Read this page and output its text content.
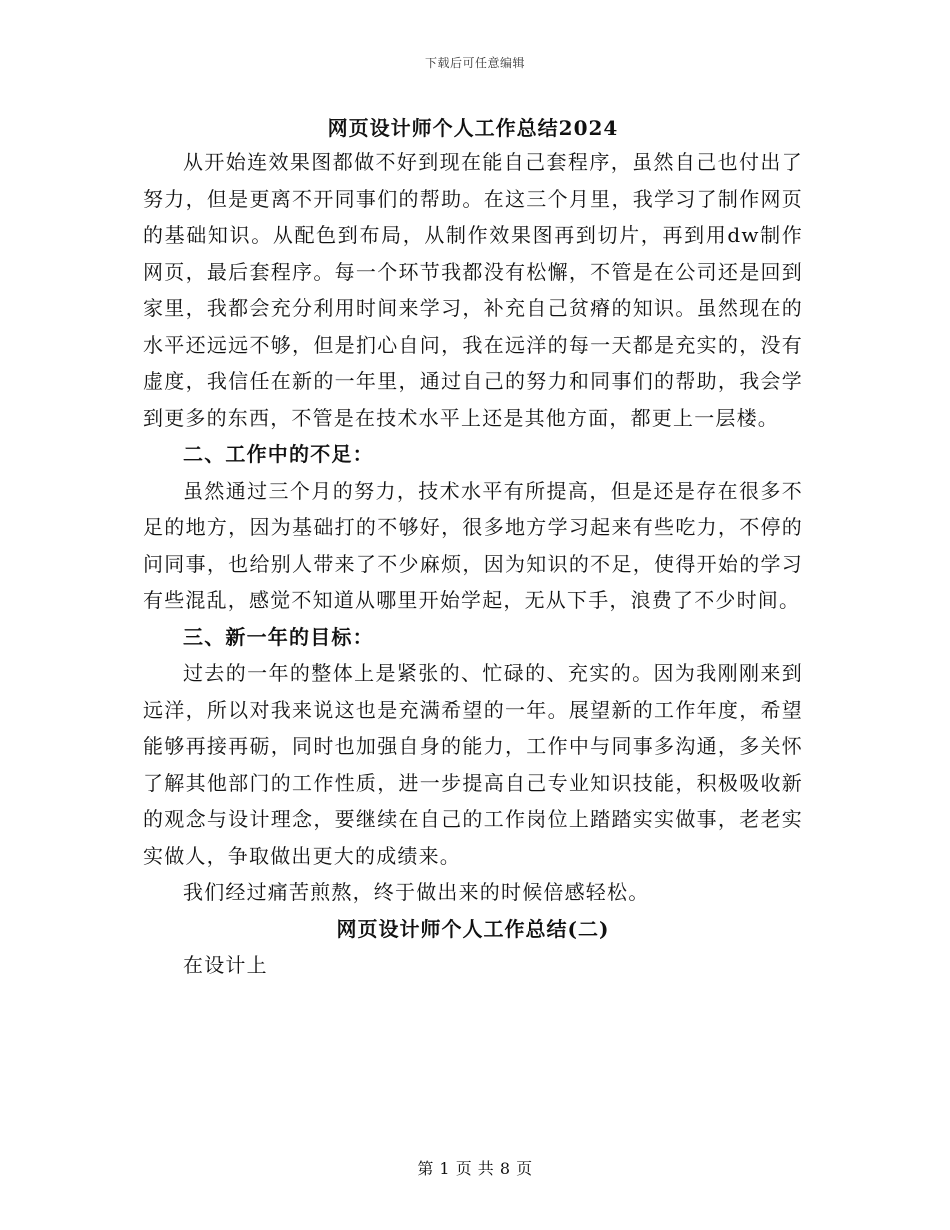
下载后可任意编辑
网页设计师个人工作总结2024

从开始连效果图都做不好到现在能自己套程序，虽然自己也付出了努力，但是更离不开同事们的帮助。在这三个月里，我学习了制作网页的基础知识。从配色到布局，从制作效果图再到切片，再到用dw制作网页，最后套程序。每一个环节我都没有松懈，不管是在公司还是回到家里，我都会充分利用时间来学习，补充自己贫瘠的知识。虽然现在的水平还远远不够，但是扪心自问，我在远洋的每一天都是充实的，没有虚度，我信任在新的一年里，通过自己的努力和同事们的帮助，我会学到更多的东西，不管是在技术水平上还是其他方面，都更上一层楼。

二、工作中的不足：

虽然通过三个月的努力，技术水平有所提高，但是还是存在很多不足的地方，因为基础打的不够好，很多地方学习起来有些吃力，不停的问同事，也给别人带来了不少麻烦，因为知识的不足，使得开始的学习有些混乱，感觉不知道从哪里开始学起，无从下手，浪费了不少时间。

三、新一年的目标：

过去的一年的整体上是紧张的、忙碌的、充实的。因为我刚刚来到远洋，所以对我来说这也是充满希望的一年。展望新的工作年度，希望能够再接再砺，同时也加强自身的能力，工作中与同事多沟通，多关怀了解其他部门的工作性质，进一步提高自己专业知识技能，积极吸收新的观念与设计理念，要继续在自己的工作岗位上踏踏实实做事，老老实实做人，争取做出更大的成绩来。

我们经过痛苦煎熬，终于做出来的时候倍感轻松。

网页设计师个人工作总结(二)

在设计上

第 1 页 共 8 页
